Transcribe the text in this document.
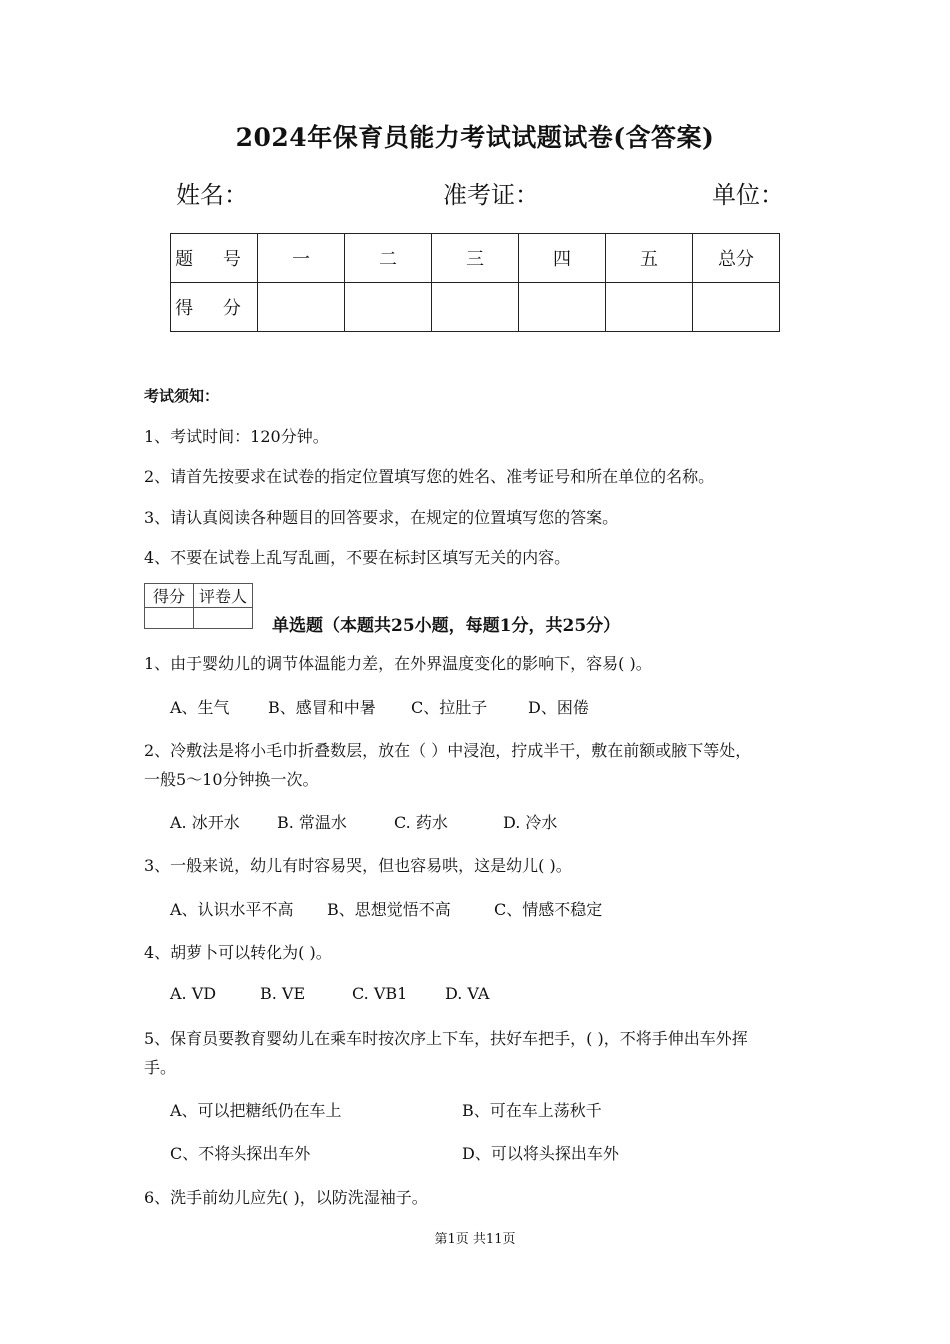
2024年保育员能力考试试题试卷(含答案)
姓名：	准考证：	单位：
题 号	一	二	三	四	五	总分
得 分						
考试须知：
1、考试时间：120分钟。
2、请首先按要求在试卷的指定位置填写您的姓名、准考证号和所在单位的名称。
3、请认真阅读各种题目的回答要求，在规定的位置填写您的答案。
4、不要在试卷上乱写乱画，不要在标封区填写无关的内容。
得分	评卷人

单选题（本题共25小题，每题1分，共25分）
1、由于婴幼儿的调节体温能力差，在外界温度变化的影响下，容易( )。
A、生气 B、感冒和中暑 C、拉肚子	D、困倦
2、冷敷法是将小毛巾折叠数层，放在（ ）中浸泡，拧成半干，敷在前额或腋下等处，
一般5～10分钟换一次。
A. 冰开水 B. 常温水	C. 药水	D. 冷水
3、一般来说，幼儿有时容易哭，但也容易哄，这是幼儿( )。
A、认识水平不高 B、思想觉悟不高	C、情感不稳定
4、胡萝卜可以转化为( )。
A. VD	B. VE	C. VB1 D. VA
5、保育员要教育婴幼儿在乘车时按次序上下车，扶好车把手，( )，不将手伸出车外挥
手。
A、可以把糖纸仍在车上	B、可在车上荡秋千
C、不将头探出车外	D、可以将头探出车外
6、洗手前幼儿应先( )，以防洗湿袖子。
第1页 共11页
